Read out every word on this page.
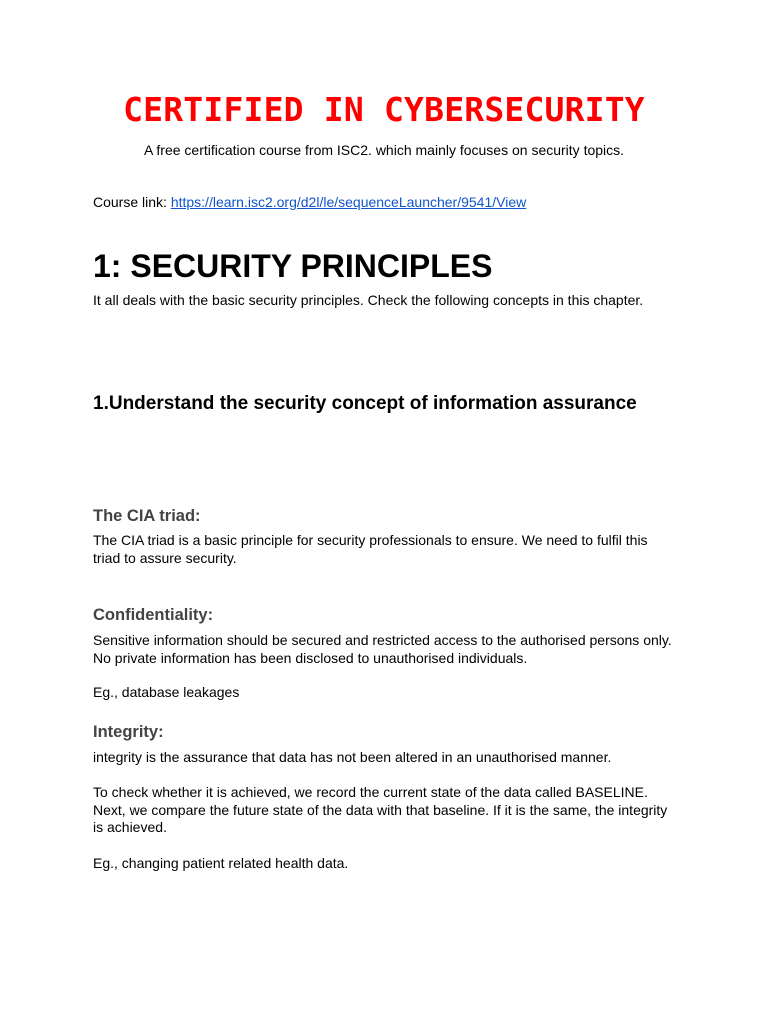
CERTIFIED IN CYBERSECURITY

A free certification course from ISC2. which mainly focuses on security topics.

Course link: https://learn.isc2.org/d2l/le/sequenceLauncher/9541/View

1: SECURITY PRINCIPLES

It all deals with the basic security principles. Check the following concepts in this chapter.

1.Understand the security concept of information assurance
The CIA triad:

The CIA triad is a basic principle for security professionals to ensure. We need to fulfil this triad to assure security.

Confidentiality:

Sensitive information should be secured and restricted access to the authorised persons only. No private information has been disclosed to unauthorised individuals.

Eg., database leakages

Integrity:

integrity is the assurance that data has not been altered in an unauthorised manner.

To check whether it is achieved, we record the current state of the data called BASELINE. Next, we compare the future state of the data with that baseline. If it is the same, the integrity is achieved.

Eg., changing patient related health data.
